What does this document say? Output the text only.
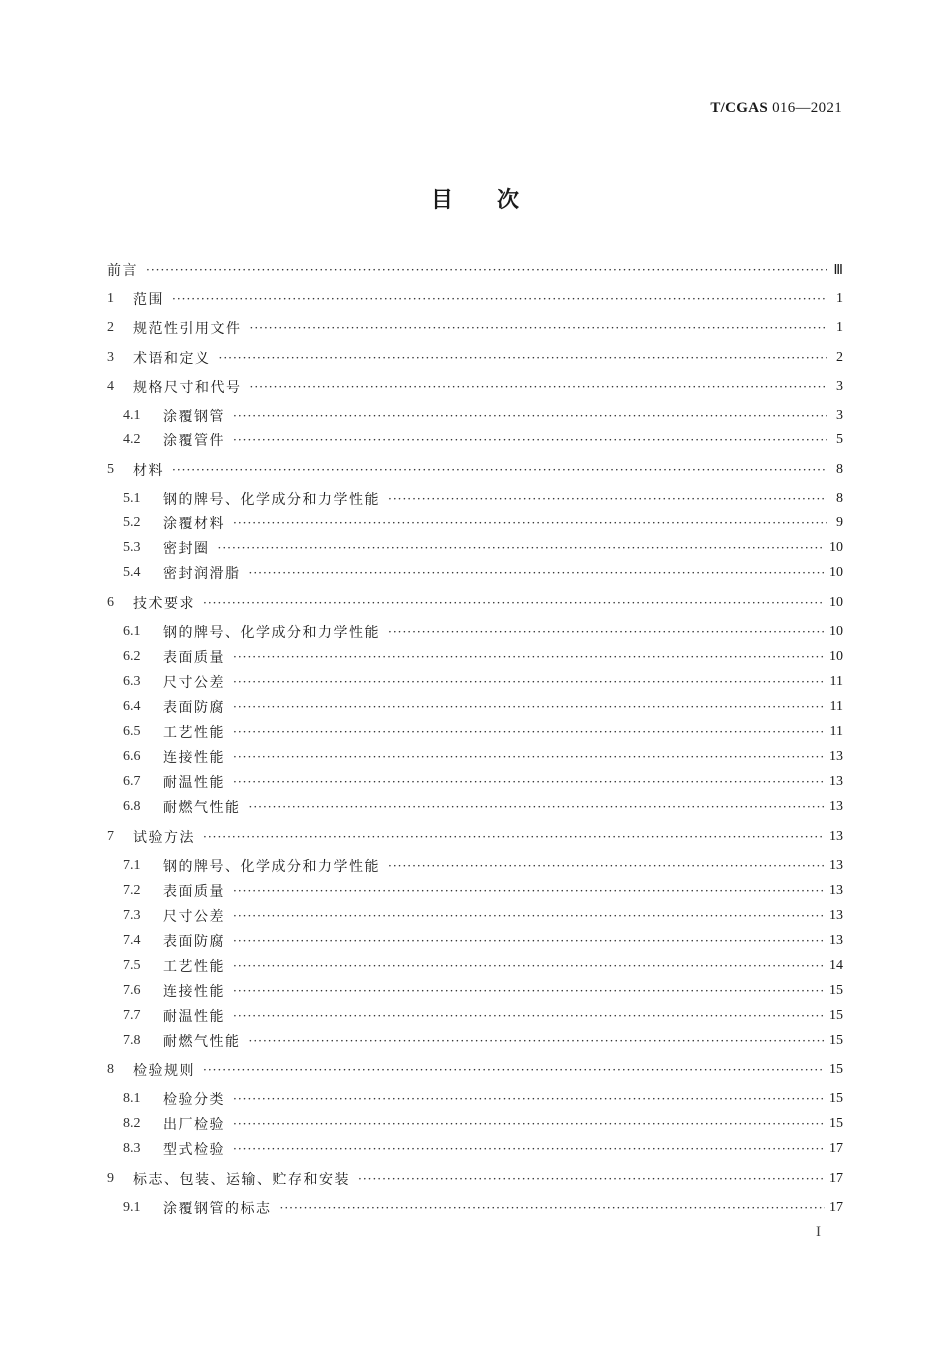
T/CGAS 016—2021
目 次
前言 ·····	Ⅲ
1	范围 ·····	1
2	规范性引用文件 ·····	1
3	术语和定义 ·····	2
4	规格尺寸和代号 ·····	3
4.1	涂覆钢管 ·····	3
4.2	涂覆管件 ·····	5
5	材料 ·····	8
5.1	钢的牌号、化学成分和力学性能 ·····	8
5.2	涂覆材料 ·····	9
5.3	密封圈 ·····	10
5.4	密封润滑脂 ·····	10
6	技术要求 ·····	10
6.1	钢的牌号、化学成分和力学性能 ·····	10
6.2	表面质量 ·····	10
6.3	尺寸公差 ·····	11
6.4	表面防腐 ·····	11
6.5	工艺性能 ·····	11
6.6	连接性能 ·····	13
6.7	耐温性能 ·····	13
6.8	耐燃气性能 ·····	13
7	试验方法 ·····	13
7.1	钢的牌号、化学成分和力学性能 ·····	13
7.2	表面质量 ·····	13
7.3	尺寸公差 ·····	13
7.4	表面防腐 ·····	13
7.5	工艺性能 ·····	14
7.6	连接性能 ·····	15
7.7	耐温性能 ·····	15
7.8	耐燃气性能 ·····	15
8	检验规则 ·····	15
8.1	检验分类 ·····	15
8.2	出厂检验 ·····	15
8.3	型式检验 ·····	17
9	标志、包装、运输、贮存和安装 ·····	17
9.1	涂覆钢管的标志 ·····	17
I
